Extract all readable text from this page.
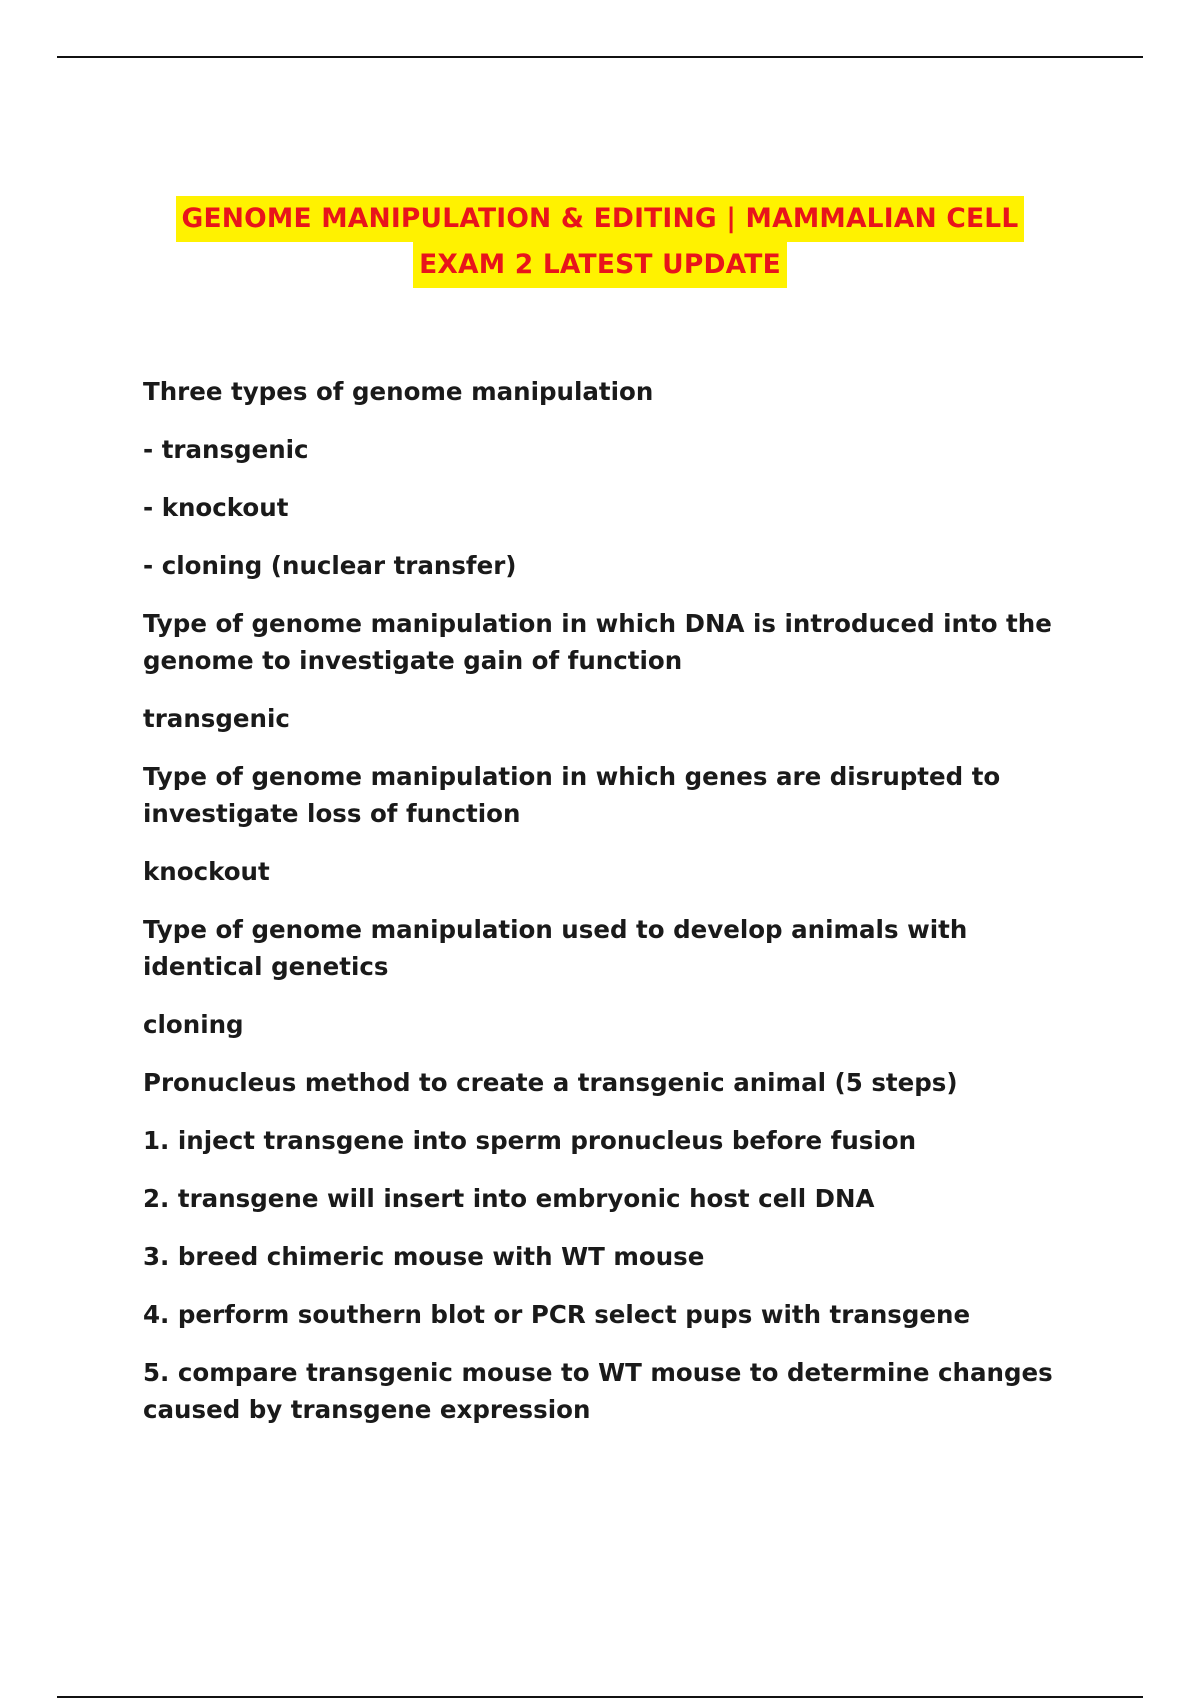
GENOME MANIPULATION & EDITING | MAMMALIAN CELL
EXAM 2 LATEST UPDATE

Three types of genome manipulation

- transgenic

- knockout

- cloning (nuclear transfer)

Type of genome manipulation in which DNA is introduced into the genome to investigate gain of function

transgenic

Type of genome manipulation in which genes are disrupted to investigate loss of function

knockout

Type of genome manipulation used to develop animals with identical genetics

cloning

Pronucleus method to create a transgenic animal (5 steps)

1. inject transgene into sperm pronucleus before fusion

2. transgene will insert into embryonic host cell DNA

3. breed chimeric mouse with WT mouse

4. perform southern blot or PCR select pups with transgene

5. compare transgenic mouse to WT mouse to determine changes caused by transgene expression
